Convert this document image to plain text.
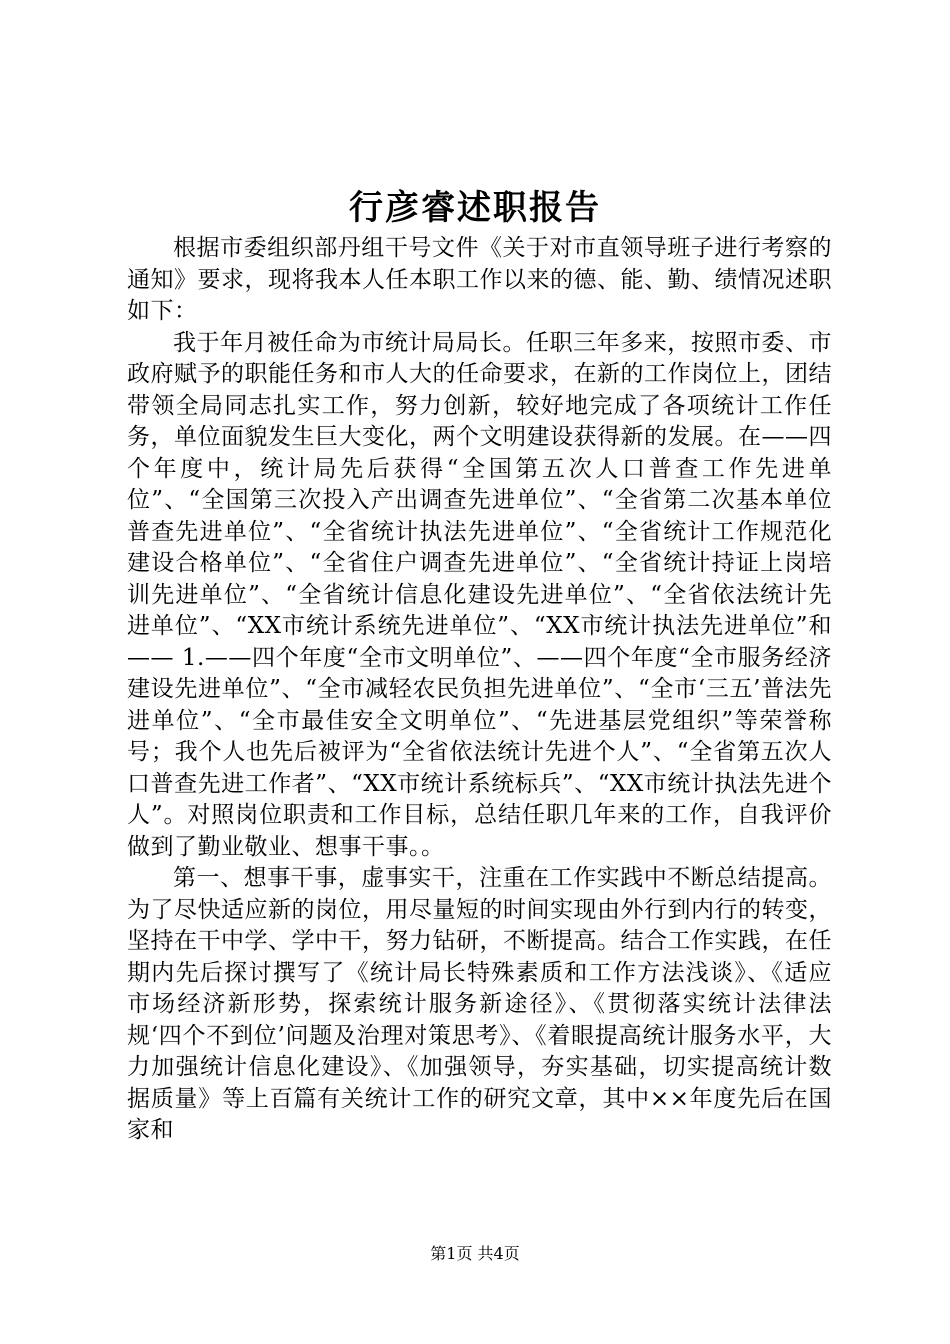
行彦睿述职报告

根据市委组织部丹组干号文件《关于对市直领导班子进行考察的通知》要求，现将我本人任本职工作以来的德、能、勤、绩情况述职如下：

我于年月被任命为市统计局局长。任职三年多来，按照市委、市政府赋予的职能任务和市人大的任命要求，在新的工作岗位上，团结带领全局同志扎实工作，努力创新，较好地完成了各项统计工作任务，单位面貌发生巨大变化，两个文明建设获得新的发展。在——四个年度中，统计局先后获得“全国第五次人口普查工作先进单位”、“全国第三次投入产出调查先进单位”、“全省第二次基本单位普查先进单位”、“全省统计执法先进单位”、“全省统计工作规范化建设合格单位”、“全省住户调查先进单位”、“全省统计持证上岗培训先进单位”、“全省统计信息化建设先进单位”、“全省依法统计先进单位”、“XX市统计系统先进单位”、“XX市统计执法先进单位”和—— 1.——四个年度“全市文明单位”、——四个年度“全市服务经济建设先进单位”、“全市减轻农民负担先进单位”、“全市‘三五’普法先进单位”、“全市最佳安全文明单位”、“先进基层党组织”等荣誉称号；我个人也先后被评为“全省依法统计先进个人”、“全省第五次人口普查先进工作者”、“XX市统计系统标兵”、“XX市统计执法先进个人”。对照岗位职责和工作目标，总结任职几年来的工作，自我评价做到了勤业敬业、想事干事。。

第一、想事干事，虚事实干，注重在工作实践中不断总结提高。为了尽快适应新的岗位，用尽量短的时间实现由外行到内行的转变，坚持在干中学、学中干，努力钻研，不断提高。结合工作实践，在任期内先后探讨撰写了《统计局长特殊素质和工作方法浅谈》、《适应市场经济新形势，探索统计服务新途径》、《贯彻落实统计法律法规‘四个不到位’问题及治理对策思考》、《着眼提高统计服务水平，大力加强统计信息化建设》、《加强领导，夯实基础，切实提高统计数据质量》等上百篇有关统计工作的研究文章，其中××年度先后在国家和

第1页 共4页
